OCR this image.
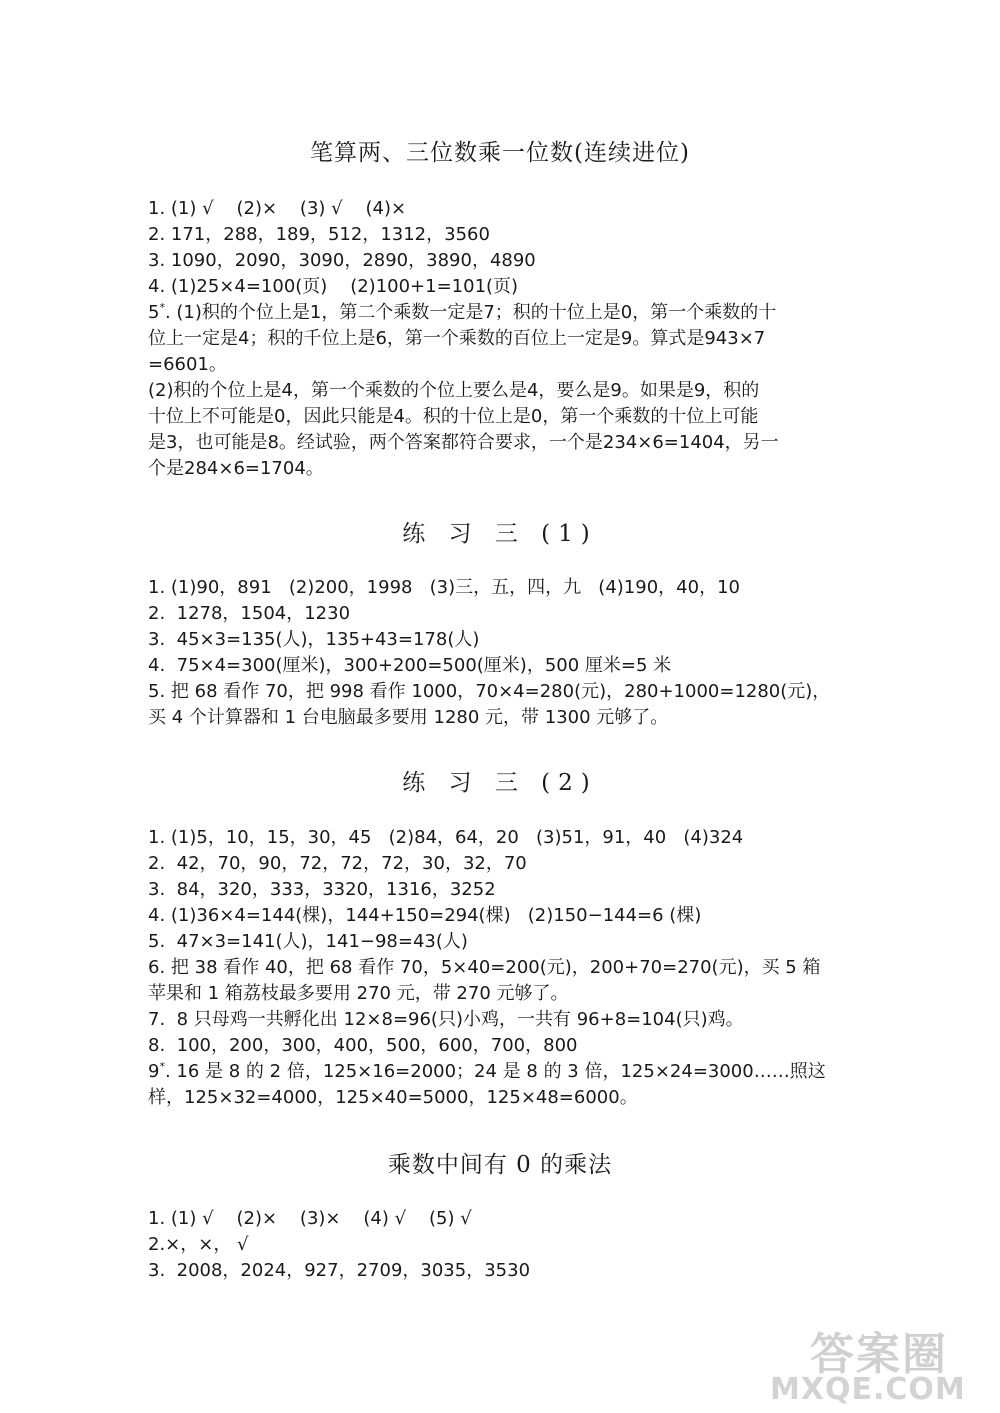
笔算两、三位数乘一位数(连续进位)
1. (1) √    (2)×    (3) √    (4)×
2. 171，288，189，512，1312，3560
3. 1090，2090，3090，2890，3890，4890
4. (1)25×4=100(页)    (2)100+1=101(页)
5*. (1)积的个位上是1，第二个乘数一定是7；积的十位上是0，第一个乘数的十
位上一定是4；积的千位上是6，第一个乘数的百位上一定是9。算式是943×7
=6601。
(2)积的个位上是4，第一个乘数的个位上要么是4，要么是9。如果是9，积的
十位上不可能是0，因此只能是4。积的十位上是0，第一个乘数的十位上可能
是3，也可能是8。经试验，两个答案都符合要求，一个是234×6=1404，另一
个是284×6=1704。
练 习 三 (1)
1. (1)90，891   (2)200，1998   (3)三，五，四，九   (4)190，40，10
2.  1278，1504，1230
3.  45×3=135(人)，135+43=178(人)
4.  75×4=300(厘米)，300+200=500(厘米)，500 厘米=5 米
5. 把 68 看作 70，把 998 看作 1000，70×4=280(元)，280+1000=1280(元)，
买 4 个计算器和 1 台电脑最多要用 1280 元，带 1300 元够了。
练 习 三 (2)
1. (1)5，10，15，30，45   (2)84，64，20   (3)51，91，40   (4)324
2.  42，70，90，72，72，72，30，32，70
3.  84，320，333，3320，1316，3252
4. (1)36×4=144(棵)，144+150=294(棵)   (2)150−144=6 (棵)
5.  47×3=141(人)，141−98=43(人)
6. 把 38 看作 40，把 68 看作 70，5×40=200(元)，200+70=270(元)，买 5 箱
苹果和 1 箱荔枝最多要用 270 元，带 270 元够了。
7.  8 只母鸡一共孵化出 12×8=96(只)小鸡，一共有 96+8=104(只)鸡。
8.  100，200，300，400，500，600，700，800
9*. 16 是 8 的 2 倍，125×16=2000；24 是 8 的 3 倍，125×24=3000……照这
样，125×32=4000，125×40=5000，125×48=6000。
乘数中间有 0 的乘法
1. (1) √    (2)×    (3)×    (4) √    (5) √
2.×，×， √
3.  2008，2024，927，2709，3035，3530
答案圈
MXQE.COM
